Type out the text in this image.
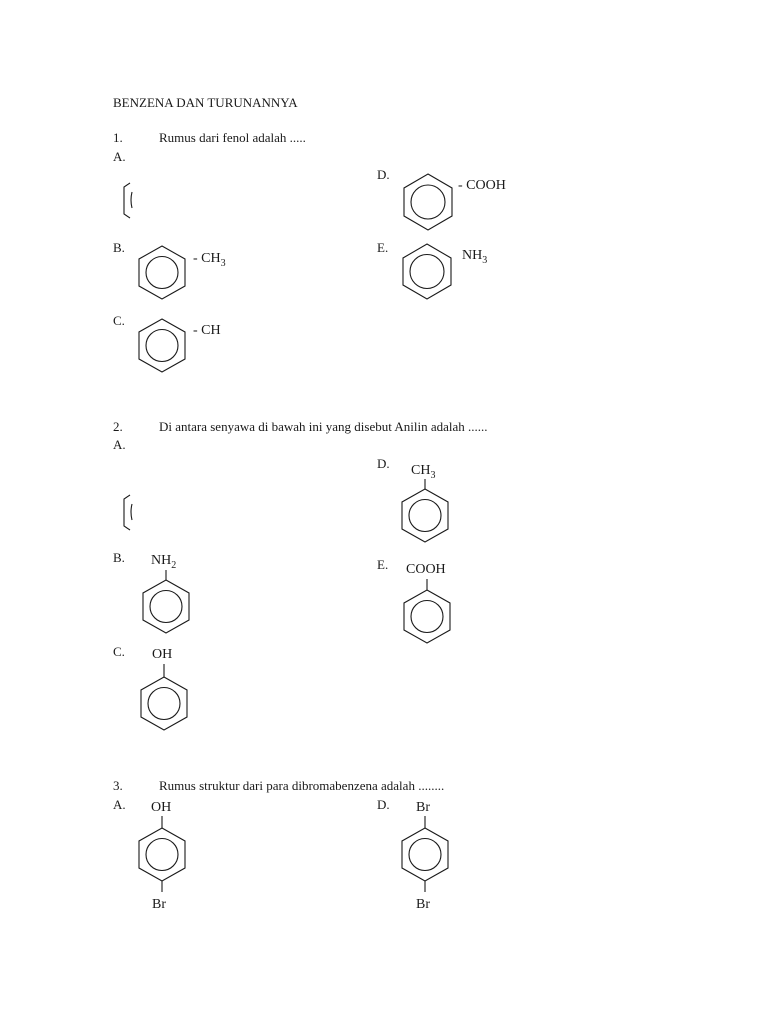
BENZENA DAN TURUNANNYA
1.	Rumus dari fenol adalah .....
A.
D.
- COOH
B.
- $CH_3$
E.
$NH_3$
C.
- CH
2.	Di antara senyawa di bawah ini yang disebut Anilin adalah ......
A.
D. $CH_3$
B. $NH_2$	E. COOH
C. OH
3.	Rumus struktur dari para dibromabenzena adalah ........
A. OH
Br
D. Br
Br
